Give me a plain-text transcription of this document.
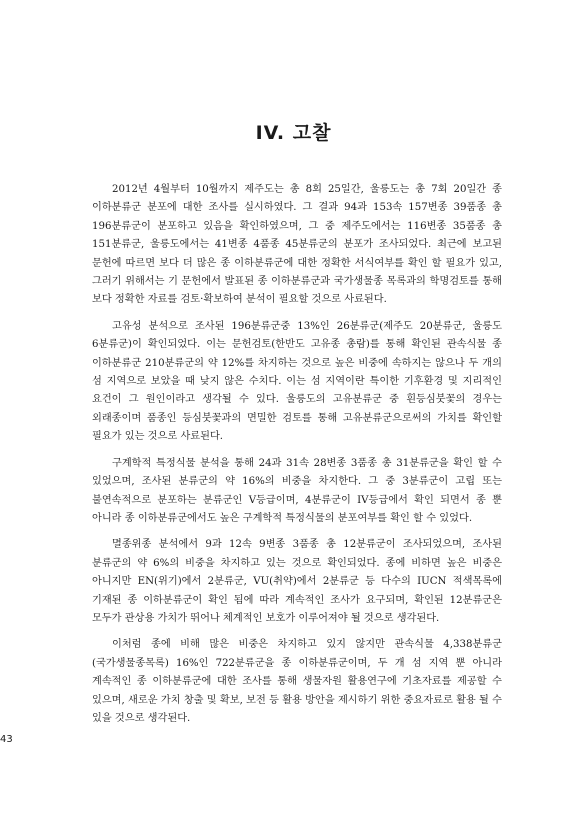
IV. 고찰

2012년 4월부터 10월까지 제주도는 총 8회 25일간, 울릉도는 총 7회 20일간 종 이하분류군 분포에 대한 조사를 실시하였다. 그 결과 94과 153속 157변종 39품종 총 196분류군이 분포하고 있음을 확인하였으며, 그 중 제주도에서는 116변종 35품종 총 151분류군, 울릉도에서는 41변종 4품종 45분류군의 분포가 조사되었다. 최근에 보고된 문헌에 따르면 보다 더 많은 종 이하분류군에 대한 정확한 서식여부를 확인 할 필요가 있고, 그러기 위해서는 기 문헌에서 발표된 종 이하분류군과 국가생물종 목록과의 학명검토를 통해 보다 정확한 자료를 검토·확보하여 분석이 필요할 것으로 사료된다.

고유성 분석으로 조사된 196분류군중 13%인 26분류군(제주도 20분류군, 울릉도 6분류군)이 확인되었다. 이는 문헌검토(한반도 고유종 총람)를 통해 확인된 관속식물 종 이하분류군 210분류군의 약 12%를 차지하는 것으로 높은 비중에 속하지는 않으나 두 개의 섬 지역으로 보았을 때 낮지 않은 수치다. 이는 섬 지역이란 특이한 기후환경 및 지리적인 요건이 그 원인이라고 생각될 수 있다. 울릉도의 고유분류군 중 흰등심붓꽃의 경우는 외래종이며 품종인 등심붓꽃과의 면밀한 검토를 통해 고유분류군으로써의 가치를 확인할 필요가 있는 것으로 사료된다.

구계학적 특정식물 분석을 통해 24과 31속 28변종 3품종 총 31분류군을 확인 할 수 있었으며, 조사된 분류군의 약 16%의 비중을 차지한다. 그 중 3분류군이 고립 또는 불연속적으로 분포하는 분류군인 V등급이며, 4분류군이 IV등급에서 확인 되면서 종 뿐 아니라 종 이하분류군에서도 높은 구계학적 특정식물의 분포여부를 확인 할 수 있었다.

멸종위종 분석에서 9과 12속 9변종 3품종 총 12분류군이 조사되었으며, 조사된 분류군의 약 6%의 비중을 차지하고 있는 것으로 확인되었다. 종에 비하면 높은 비중은 아니지만 EN(위기)에서 2분류군, VU(취약)에서 2분류군 등 다수의 IUCN 적색목록에 기재된 종 이하분류군이 확인 됨에 따라 계속적인 조사가 요구되며, 확인된 12분류군은 모두가 관상용 가치가 뛰어나 체계적인 보호가 이루어져야 될 것으로 생각된다.

이처럼 종에 비해 많은 비중은 차지하고 있지 않지만 관속식물 4,338분류군(국가생물종목록) 16%인 722분류군을 종 이하분류군이며, 두 개 섬 지역 뿐 아니라 계속적인 종 이하분류군에 대한 조사를 통해 생물자원 활용연구에 기초자료를 제공할 수 있으며, 새로운 가치 창출 및 확보, 보전 등 활용 방안을 제시하기 위한 중요자료로 활용 될 수 있을 것으로 생각된다.

43
